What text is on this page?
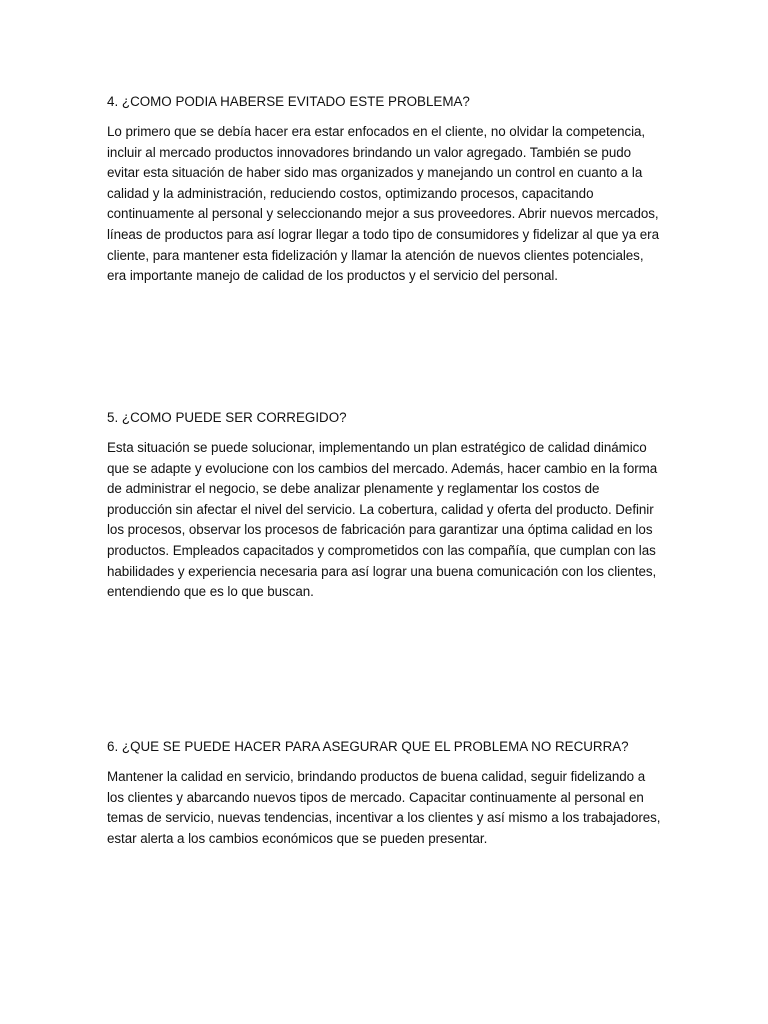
4. ¿COMO PODIA HABERSE EVITADO ESTE PROBLEMA?

Lo primero que se debía hacer era estar enfocados en el cliente, no olvidar la competencia, incluir al mercado productos innovadores brindando un valor agregado. También se pudo evitar esta situación de haber sido mas organizados y manejando un control en cuanto a la calidad y la administración, reduciendo costos, optimizando procesos, capacitando continuamente al personal y seleccionando mejor a sus proveedores. Abrir nuevos mercados, líneas de productos para así lograr llegar a todo tipo de consumidores y fidelizar al que ya era cliente, para mantener esta fidelización y llamar la atención de nuevos clientes potenciales, era importante manejo de calidad de los productos y el servicio del personal.

5. ¿COMO PUEDE SER CORREGIDO?

Esta situación se puede solucionar, implementando un plan estratégico de calidad dinámico que se adapte y evolucione con los cambios del mercado. Además, hacer cambio en la forma de administrar el negocio, se debe analizar plenamente y reglamentar los costos de producción sin afectar el nivel del servicio. La cobertura, calidad y oferta del producto. Definir los procesos, observar los procesos de fabricación para garantizar una óptima calidad en los productos. Empleados capacitados y comprometidos con las compañía, que cumplan con las habilidades y experiencia necesaria para así lograr una buena comunicación con los clientes, entendiendo que es lo que buscan.

6. ¿QUE SE PUEDE HACER PARA ASEGURAR QUE EL PROBLEMA NO RECURRA?

Mantener la calidad en servicio, brindando productos de buena calidad, seguir fidelizando a los clientes y abarcando nuevos tipos de mercado. Capacitar continuamente al personal en temas de servicio, nuevas tendencias, incentivar a los clientes y así mismo a los trabajadores, estar alerta a los cambios económicos que se pueden presentar.
